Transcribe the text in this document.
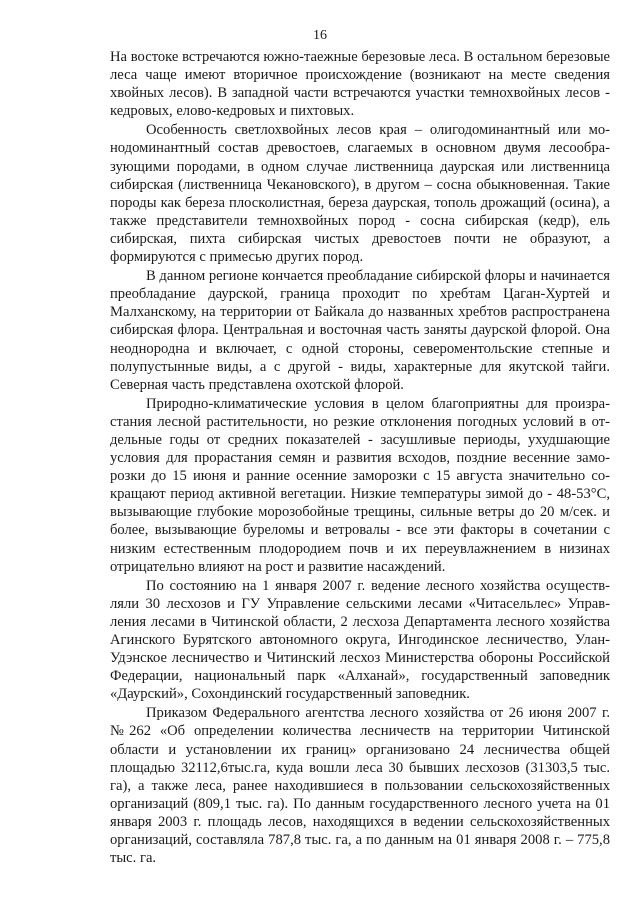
16

На востоке встречаются южно-таежные березовые леса. В остальном березовые леса чаще имеют вторичное происхождение (возникают на месте сведения хвойных лесов). В западной части встречаются участки темнохвойных лесов - кедровых, елово-кедровых и пихтовых.

Особенность светлохвойных лесов края – олигодоминантный или монодоминантный состав древостоев, слагаемых в основном двумя лесообразующими породами, в одном случае лиственница даурская или лиственница сибирская (лиственница Чекановского), в другом – сосна обыкновенная. Такие породы как береза плосколистная, береза даурская, тополь дрожащий (осина), а также представители темнохвойных пород - сосна сибирская (кедр), ель сибирская, пихта сибирская чистых древостоев почти не образуют, а формируются с примесью других пород.

В данном регионе кончается преобладание сибирской флоры и начинается преобладание даурской, граница проходит по хребтам Цаган-Хуртей и Малханскому, на территории от Байкала до названных хребтов распространена сибирская флора. Центральная и восточная часть заняты даурской флорой. Она неоднородна и включает, с одной стороны, североментольские степные и полупустынные виды, а с другой - виды, характерные для якутской тайги. Северная часть представлена охотской флорой.

Природно-климатические условия в целом благоприятны для произрастания лесной растительности, но резкие отклонения погодных условий в отдельные годы от средних показателей - засушливые периоды, ухудшающие условия для прорастания семян и развития всходов, поздние весенние заморозки до 15 июня и ранние осенние заморозки с 15 августа значительно сокращают период активной вегетации. Низкие температуры зимой до - 48-53°С, вызывающие глубокие морозобойные трещины, сильные ветры до 20 м/сек. и более, вызывающие буреломы и ветровалы - все эти факторы в сочетании с низким естественным плодородием почв и их переувлажнением в низинах отрицательно влияют на рост и развитие насаждений.

По состоянию на 1 января 2007 г. ведение лесного хозяйства осуществляли 30 лесхозов и ГУ Управление сельскими лесами «Читасельлес» Управления лесами в Читинской области, 2 лесхоза Департамента лесного хозяйства Агинского Бурятского автономного округа, Ингодинское лесничество, Улан-Удэнское лесничество и Читинский лесхоз Министерства обороны Российской Федерации, национальный парк «Алханай», государственный заповедник «Даурский», Сохондинский государственный заповедник.

Приказом Федерального агентства лесного хозяйства от 26 июня 2007 г. №262 «Об определении количества лесничеств на территории Читинской области и установлении их границ» организовано 24 лесничества общей площадью 32112,6тыс.га, куда вошли леса 30 бывших лесхозов (31303,5 тыс. га), а также леса, ранее находившиеся в пользовании сельскохозяйственных организаций (809,1 тыс. га). По данным государственного лесного учета на 01 января 2003 г. площадь лесов, находящихся в ведении сельскохозяйственных организаций, составляла 787,8 тыс. га, а по данным на 01 января 2008 г. – 775,8 тыс. га.
